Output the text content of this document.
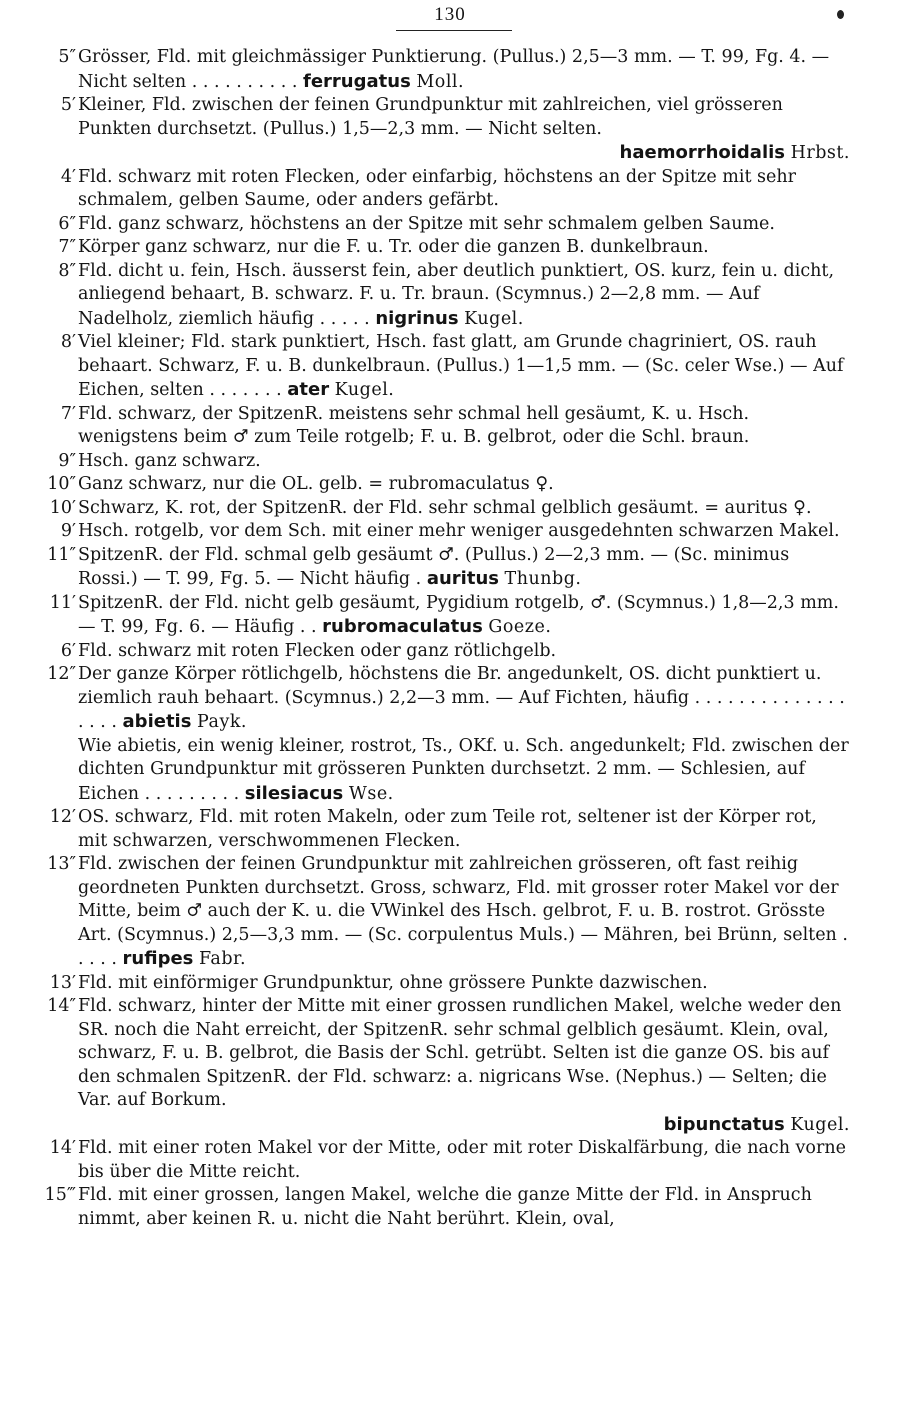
130
5″ Grösser, Fld. mit gleichmässiger Punktierung. (Pullus.) 2,5—3 mm. — T. 99, Fg. 4. — Nicht selten . . . . . . . . . . ferrugatus Moll.
5′ Kleiner, Fld. zwischen der feinen Grundpunktur mit zahlreichen, viel grösseren Punkten durchsetzt. (Pullus.) 1,5—2,3 mm. — Nicht selten.
haemorrhoidalis Hrbst.
4′ Fld. schwarz mit roten Flecken, oder einfarbig, höchstens an der Spitze mit sehr schmalem, gelben Saume, oder anders gefärbt.
6″ Fld. ganz schwarz, höchstens an der Spitze mit sehr schmalem gelben Saume.
7″ Körper ganz schwarz, nur die F. u. Tr. oder die ganzen B. dunkelbraun.
8″ Fld. dicht u. fein, Hsch. äusserst fein, aber deutlich punktiert, OS. kurz, fein u. dicht, anliegend behaart, B. schwarz. F. u. Tr. braun. (Scymnus.) 2—2,8 mm. — Auf Nadelholz, ziemlich häufig . . . . . nigrinus Kugel.
8′ Viel kleiner; Fld. stark punktiert, Hsch. fast glatt, am Grunde chagriniert, OS. rauh behaart. Schwarz, F. u. B. dunkelbraun. (Pullus.) 1—1,5 mm. — (Sc. celer Wse.) — Auf Eichen, selten . . . . . . . ater Kugel.
7′ Fld. schwarz, der SpitzenR. meistens sehr schmal hell gesäumt, K. u. Hsch. wenigstens beim ♂ zum Teile rotgelb; F. u. B. gelbrot, oder die Schl. braun.
9″ Hsch. ganz schwarz.
10″ Ganz schwarz, nur die OL. gelb. = rubromaculatus ♀.
10′ Schwarz, K. rot, der SpitzenR. der Fld. sehr schmal gelblich gesäumt. = auritus ♀.
9′ Hsch. rotgelb, vor dem Sch. mit einer mehr weniger ausgedehnten schwarzen Makel.
11″ SpitzenR. der Fld. schmal gelb gesäumt ♂. (Pullus.) 2—2,3 mm. — (Sc. minimus Rossi.) — T. 99, Fg. 5. — Nicht häufig . auritus Thunbg.
11′ SpitzenR. der Fld. nicht gelb gesäumt, Pygidium rotgelb, ♂. (Scymnus.) 1,8—2,3 mm. — T. 99, Fg. 6. — Häufig . . rubromaculatus Goeze.
6′ Fld. schwarz mit roten Flecken oder ganz rötlichgelb.
12″ Der ganze Körper rötlichgelb, höchstens die Br. angedunkelt, OS. dicht punktiert u. ziemlich rauh behaart. (Scymnus.) 2,2—3 mm. — Auf Fichten, häufig . . . . . . . . . . . . . . . . . . abietis Payk.
Wie abietis, ein wenig kleiner, rostrot, Ts., OKf. u. Sch. angedunkelt; Fld. zwischen der dichten Grundpunktur mit grösseren Punkten durchsetzt. 2 mm. — Schlesien, auf Eichen . . . . . . . . . silesiacus Wse.
12′ OS. schwarz, Fld. mit roten Makeln, oder zum Teile rot, seltener ist der Körper rot, mit schwarzen, verschwommenen Flecken.
13″ Fld. zwischen der feinen Grundpunktur mit zahlreichen grösseren, oft fast reihig geordneten Punkten durchsetzt. Gross, schwarz, Fld. mit grosser roter Makel vor der Mitte, beim ♂ auch der K. u. die VWinkel des Hsch. gelbrot, F. u. B. rostrot. Grösste Art. (Scymnus.) 2,5—3,3 mm. — (Sc. corpulentus Muls.) — Mähren, bei Brünn, selten . . . . . rufipes Fabr.
13′ Fld. mit einförmiger Grundpunktur, ohne grössere Punkte dazwischen.
14″ Fld. schwarz, hinter der Mitte mit einer grossen rundlichen Makel, welche weder den SR. noch die Naht erreicht, der SpitzenR. sehr schmal gelblich gesäumt. Klein, oval, schwarz, F. u. B. gelbrot, die Basis der Schl. getrübt. Selten ist die ganze OS. bis auf den schmalen SpitzenR. der Fld. schwarz: a. nigricans Wse. (Nephus.) — Selten; die Var. auf Borkum.
bipunctatus Kugel.
14′ Fld. mit einer roten Makel vor der Mitte, oder mit roter Diskalfärbung, die nach vorne bis über die Mitte reicht.
15‴ Fld. mit einer grossen, langen Makel, welche die ganze Mitte der Fld. in Anspruch nimmt, aber keinen R. u. nicht die Naht berührt. Klein, oval,
